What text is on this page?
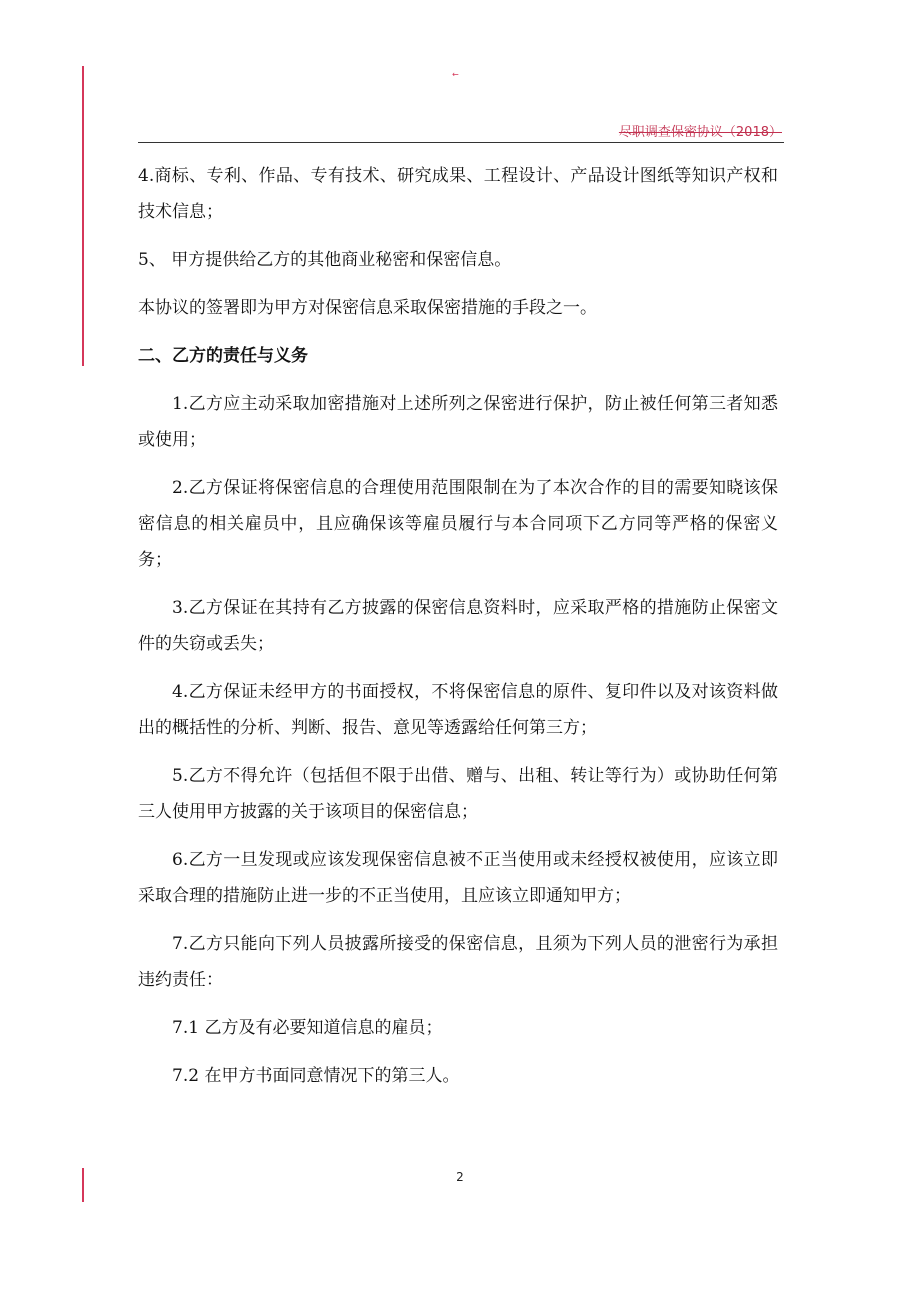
←
尽职调查保密协议（2018）

4.商标、专利、作品、专有技术、研究成果、工程设计、产品设计图纸等知识产权和技术信息；

5、 甲方提供给乙方的其他商业秘密和保密信息。

本协议的签署即为甲方对保密信息采取保密措施的手段之一。

二、乙方的责任与义务

1.乙方应主动采取加密措施对上述所列之保密进行保护，防止被任何第三者知悉或使用；

2.乙方保证将保密信息的合理使用范围限制在为了本次合作的目的需要知晓该保密信息的相关雇员中，且应确保该等雇员履行与本合同项下乙方同等严格的保密义务；

3.乙方保证在其持有乙方披露的保密信息资料时，应采取严格的措施防止保密文件的失窃或丢失；

4.乙方保证未经甲方的书面授权，不将保密信息的原件、复印件以及对该资料做出的概括性的分析、判断、报告、意见等透露给任何第三方；

5.乙方不得允许（包括但不限于出借、赠与、出租、转让等行为）或协助任何第三人使用甲方披露的关于该项目的保密信息；

6.乙方一旦发现或应该发现保密信息被不正当使用或未经授权被使用，应该立即采取合理的措施防止进一步的不正当使用，且应该立即通知甲方；

7.乙方只能向下列人员披露所接受的保密信息，且须为下列人员的泄密行为承担违约责任：

7.1 乙方及有必要知道信息的雇员；

7.2 在甲方书面同意情况下的第三人。

2
